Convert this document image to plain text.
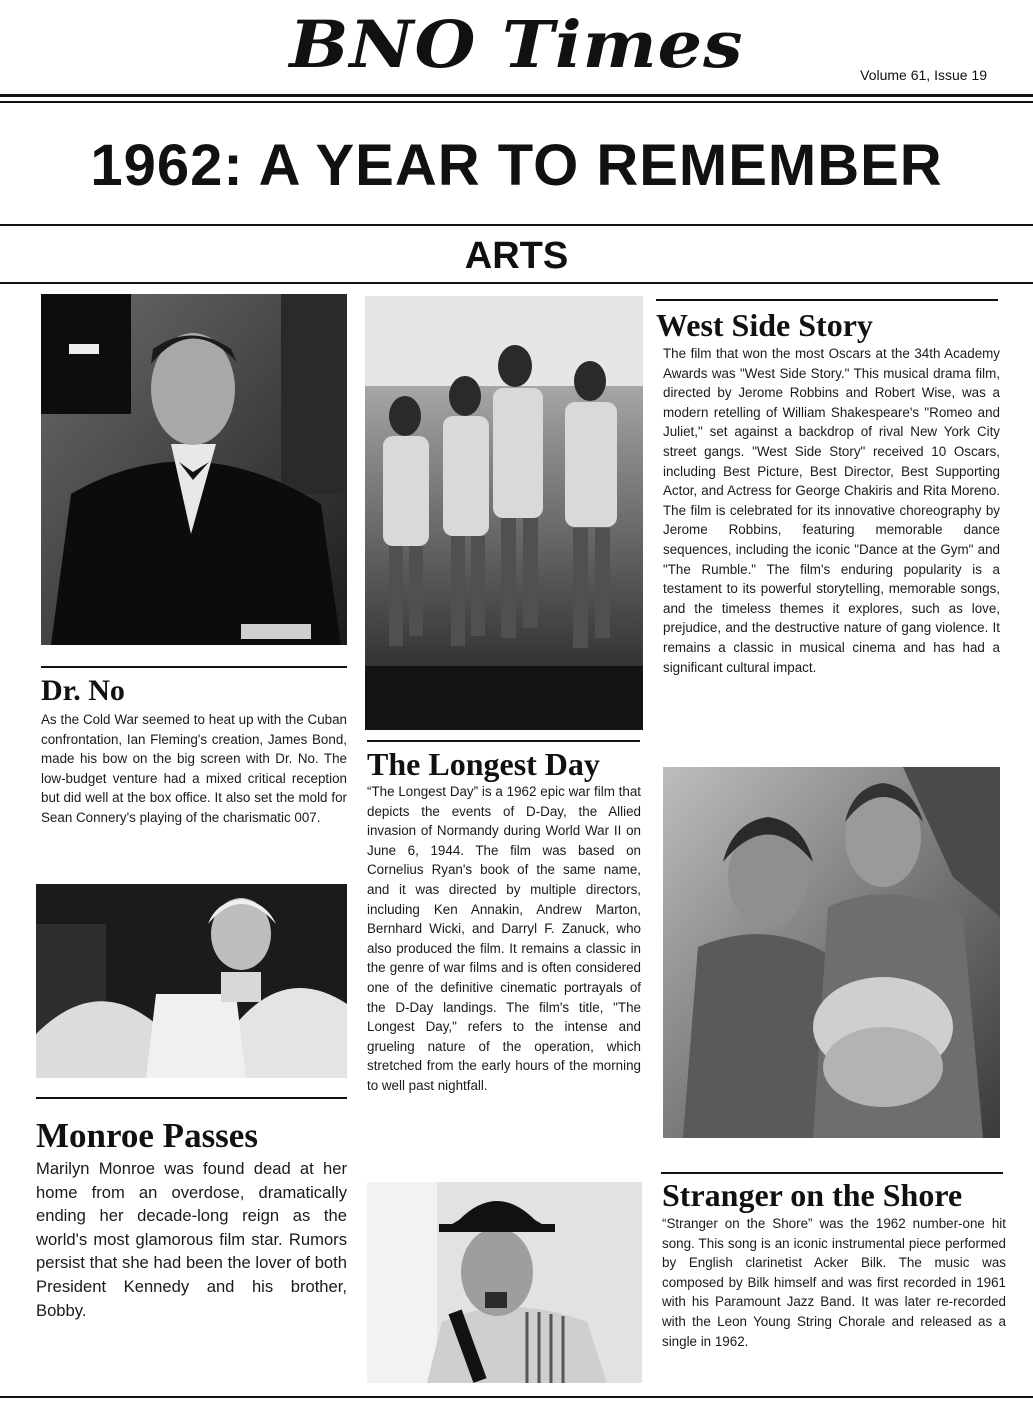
BNO Times	Volume 61, Issue 19
1962: A YEAR TO REMEMBER
ARTS
Dr. No

As the Cold War seemed to heat up with the Cuban confrontation, Ian Fleming's creation, James Bond, made his bow on the big screen with Dr. No. The low-budget venture had a mixed critical reception but did well at the box office. It also set the mold for Sean Connery's playing of the charismatic 007.

Monroe Passes

Marilyn Monroe was found dead at her home from an overdose, dramatically ending her decade-long reign as the world's most glamorous film star. Rumors persist that she had been the lover of both President Kennedy and his brother, Bobby.

The Longest Day

“The Longest Day” is a 1962 epic war film that depicts the events of D-Day, the Allied invasion of Normandy during World War II on June 6, 1944. The film was based on Cornelius Ryan's book of the same name, and it was directed by multiple directors, including Ken Annakin, Andrew Marton, Bernhard Wicki, and Darryl F. Zanuck, who also produced the film. It remains a classic in the genre of war films and is often considered one of the definitive cinematic portrayals of the D-Day landings. The film's title, "The Longest Day," refers to the intense and grueling nature of the operation, which stretched from the early hours of the morning to well past nightfall.

West Side Story

The film that won the most Oscars at the 34th Academy Awards was "West Side Story." This musical drama film, directed by Jerome Robbins and Robert Wise, was a modern retelling of William Shakespeare's "Romeo and Juliet," set against a backdrop of rival New York City street gangs. "West Side Story" received 10 Oscars, including Best Picture, Best Director, Best Supporting Actor, and Actress for George Chakiris and Rita Moreno. The film is celebrated for its innovative choreography by Jerome Robbins, featuring memorable dance sequences, including the iconic "Dance at the Gym" and "The Rumble." The film's enduring popularity is a testament to its powerful storytelling, memorable songs, and the timeless themes it explores, such as love, prejudice, and the destructive nature of gang violence. It remains a classic in musical cinema and has had a significant cultural impact.

Stranger on the Shore

“Stranger on the Shore” was the 1962 number-one hit song. This song is an iconic instrumental piece performed by English clarinetist Acker Bilk. The music was composed by Bilk himself and was first recorded in 1961 with his Paramount Jazz Band. It was later re-recorded with the Leon Young String Chorale and released as a single in 1962.
